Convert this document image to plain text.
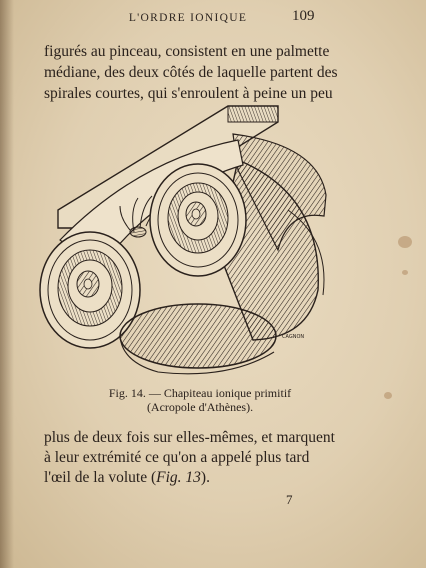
L'ORDRE IONIQUE	109
figurés au pinceau, consistent en une palmette
médiane, des deux côtés de laquelle partent des
spirales courtes, qui s'enroulent à peine un peu
CAGNON
Fig. 14. — Chapiteau ionique primitif
(Acropole d'Athènes).
plus de deux fois sur elles-mêmes, et marquent
à leur extrémité ce qu'on a appelé plus tard
l'œil de la volute (Fig. 13).
7
